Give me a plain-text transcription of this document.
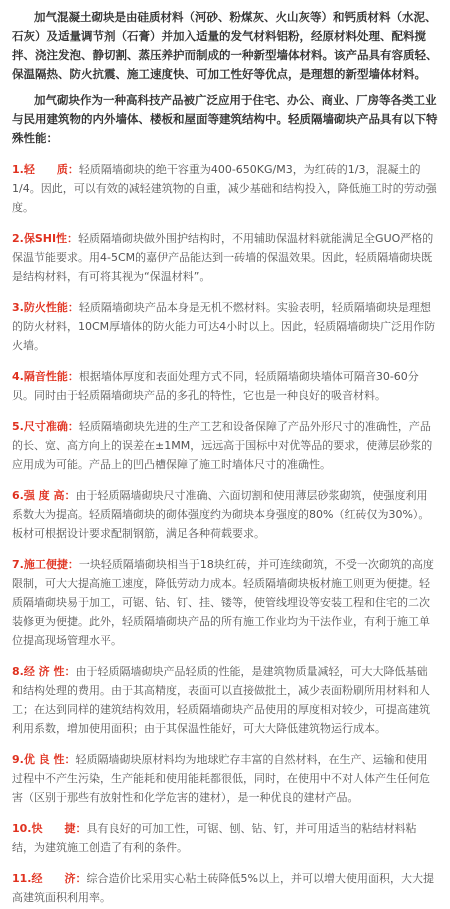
加气混凝土砌块是由硅质材料（河砂、粉煤灰、火山灰等）和钙质材料（水泥、石灰）及适量调节剂（石膏）并加入适量的发气材料铝粉，经原材料处理、配料搅拌、浇注发泡、静切割、蒸压养护而制成的一种新型墙体材料。该产品具有容质轻、保温隔热、防火抗震、施工速度快、可加工性好等优点，是理想的新型墙体材料。

加气砌块作为一种高科技产品被广泛应用于住宅、办公、商业、厂房等各类工业与民用建筑物的内外墙体、楼板和屋面等建筑结构中。轻质隔墙砌块产品具有以下特殊性能：

1.轻　　质：轻质隔墙砌块的绝干容重为400-650KG/M3，为红砖的1/3，混凝土的1/4。因此，可以有效的减轻建筑物的自重，减少基础和结构投入，降低施工时的劳动强度。
2.保SHI性：轻质隔墙砌块做外围护结构时，不用辅助保温材料就能满足全GUO严格的保温节能要求。用4-5CM的嘉伊产品能达到一砖墙的保温效果。因此，轻质隔墙砌块既是结构材料，有可将其视为“保温材料”。
3.防火性能：轻质隔墙砌块产品本身是无机不燃材料。实验表明，轻质隔墙砌块是理想的防火材料，10CM厚墙体的防火能力可达4小时以上。因此，轻质隔墙砌块广泛用作防火墙。
4.隔音性能：根据墙体厚度和表面处理方式不同，轻质隔墙砌块墙体可隔音30-60分贝。同时由于轻质隔墙砌块产品的多孔的特性，它也是一种良好的吸音材料。
5.尺寸准确：轻质隔墙砌块先进的生产工艺和设备保障了产品外形尺寸的准确性，产品的长、宽、高方向上的误差在±1MM，远远高于国标中对优等品的要求，使薄层砂浆的应用成为可能。产品上的凹凸槽保障了施工时墙体尺寸的准确性。
6.强 度 高：由于轻质隔墙砌块尺寸准确、六面切割和使用薄层砂浆砌筑，使强度利用系数大为提高。轻质隔墙砌块的砌体强度约为砌块本身强度的80%（红砖仅为30%）。板材可根据设计要求配制钢筋，满足各种荷载要求。
7.施工便捷：一块轻质隔墙砌块相当于18块红砖，并可连续砌筑，不受一次砌筑的高度限制，可大大提高施工速度，降低劳动力成本。轻质隔墙砌块板材施工则更为便捷。轻质隔墙砌块易于加工，可锯、钻、钉、挂、镂等，使管线埋设等安装工程和住宅的二次装修更为便捷。此外，轻质隔墙砌块产品的所有施工作业均为干法作业，有利于施工单位提高现场管理水平。
8.经 济 性：由于轻质隔墙砌块产品轻质的性能，是建筑物质量减轻，可大大降低基础和结构处理的费用。由于其高精度，表面可以直接做批土，减少表面粉刷所用材料和人工；在达到同样的建筑结构效用，轻质隔墙砌块产品使用的厚度相对较少，可提高建筑利用系数，增加使用面积；由于其保温性能好，可大大降低建筑物运行成本。
9.优 良 性：轻质隔墙砌块原材料均为地球贮存丰富的自然材料，在生产、运输和使用过程中不产生污染，生产能耗和使用能耗都很低，同时，在使用中不对人体产生任何危害（区别于那些有放射性和化学危害的建材），是一种优良的建材产品。
10.快　　捷：具有良好的可加工性，可锯、刨、钻、钉，并可用适当的粘结材料粘结，为建筑施工创造了有利的条件。
11.经　　济：综合造价比采用实心粘土砖降低5%以上，并可以增大使用面积，大大提高建筑面积利用率。
